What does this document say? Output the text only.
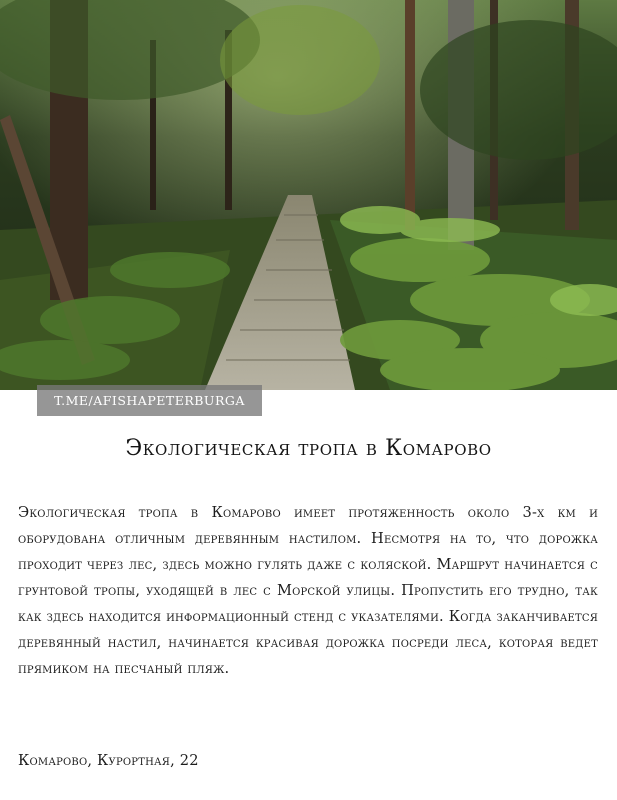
T.ME/AFISHAPETERBURGA
Экологическая тропа в Комарово
Экологическая тропа в Комарово имеет протяженность около 3-х км и оборудована отличным деревянным настилом. Несмотря на то, что дорожка проходит через лес, здесь можно гулять даже с коляской. Маршрут начинается с грунтовой тропы, уходящей в лес с Морской улицы. Пропустить его трудно, так как здесь находится информационный стенд с указателями. Когда заканчивается деревянный настил, начинается красивая дорожка посреди леса, которая ведет прямиком на песчаный пляж.
Комарово, Курортная, 22
